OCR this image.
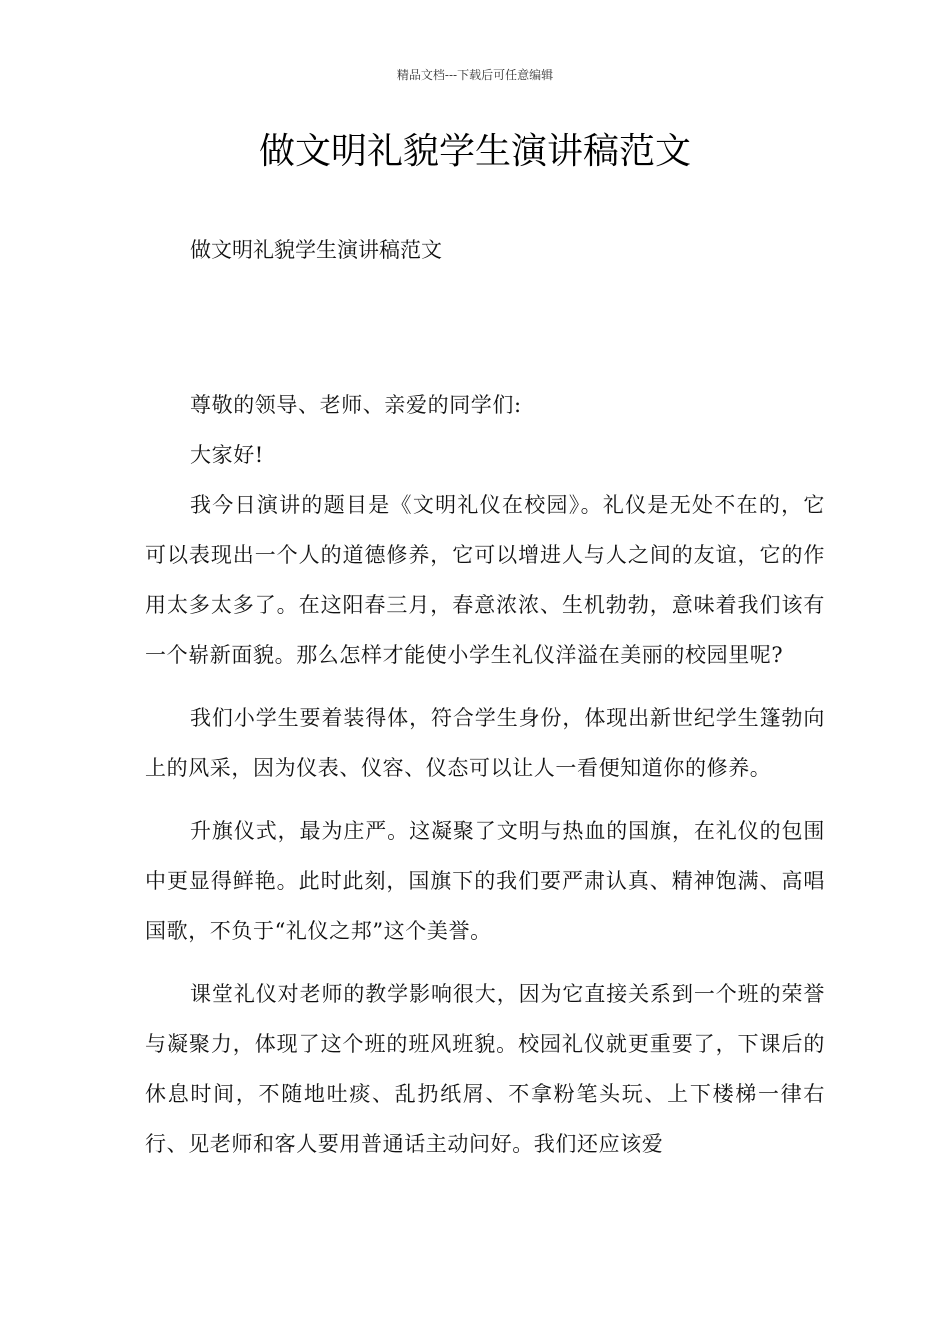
精品文档---下载后可任意编辑
做文明礼貌学生演讲稿范文
做文明礼貌学生演讲稿范文

尊敬的领导、老师、亲爱的同学们:

大家好!

我今日演讲的题目是《文明礼仪在校园》。礼仪是无处不在的，它可以表现出一个人的道德修养，它可以增进人与人之间的友谊，它的作用太多太多了。在这阳春三月，春意浓浓、生机勃勃，意味着我们该有一个崭新面貌。那么怎样才能使小学生礼仪洋溢在美丽的校园里呢?

我们小学生要着装得体，符合学生身份，体现出新世纪学生篷勃向上的风采，因为仪表、仪容、仪态可以让人一看便知道你的修养。

升旗仪式，最为庄严。这凝聚了文明与热血的国旗，在礼仪的包围中更显得鲜艳。此时此刻，国旗下的我们要严肃认真、精神饱满、高唱国歌，不负于“礼仪之邦”这个美誉。

课堂礼仪对老师的教学影响很大，因为它直接关系到一个班的荣誉与凝聚力，体现了这个班的班风班貌。校园礼仪就更重要了，下课后的休息时间，不随地吐痰、乱扔纸屑、不拿粉笔头玩、上下楼梯一律右行、见老师和客人要用普通话主动问好。我们还应该爱
